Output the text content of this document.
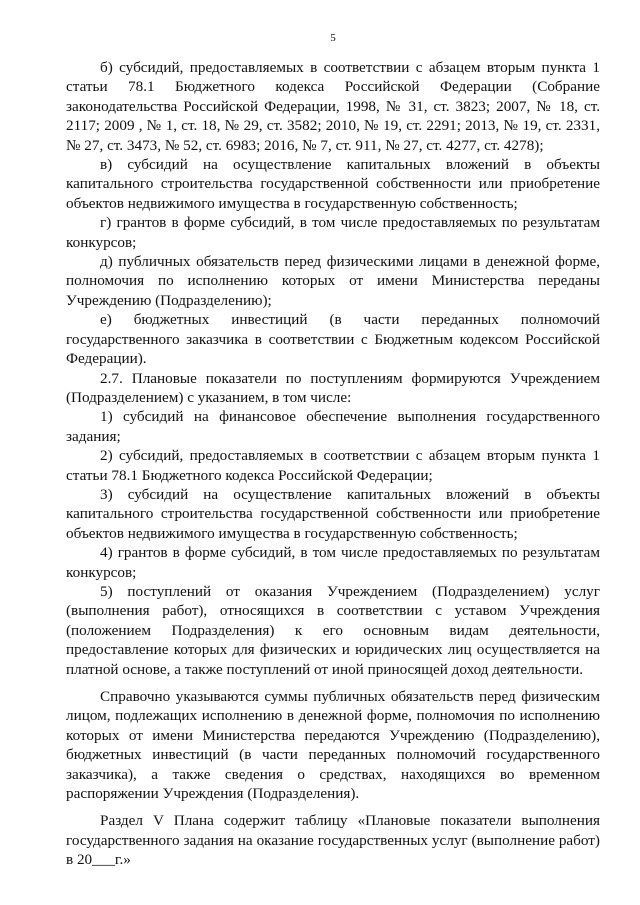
5

б) субсидий, предоставляемых в соответствии с абзацем вторым пункта 1 статьи 78.1 Бюджетного кодекса Российской Федерации (Собрание законодательства Российской Федерации, 1998, № 31, ст. 3823; 2007, № 18, ст. 2117; 2009 , № 1, ст. 18, № 29, ст. 3582; 2010, № 19, ст. 2291; 2013, № 19, ст. 2331, № 27, ст. 3473, № 52, ст. 6983; 2016, № 7, ст. 911, № 27, ст. 4277, ст. 4278);

в) субсидий на осуществление капитальных вложений в объекты капитального строительства государственной собственности или приобретение объектов недвижимого имущества в государственную собственность;

г) грантов в форме субсидий, в том числе предоставляемых по результатам конкурсов;

д) публичных обязательств перед физическими лицами в денежной форме, полномочия по исполнению которых от имени Министерства переданы Учреждению (Подразделению);

е) бюджетных инвестиций (в части переданных полномочий государственного заказчика в соответствии с Бюджетным кодексом Российской Федерации).

2.7. Плановые показатели по поступлениям формируются Учреждением (Подразделением) с указанием, в том числе:

1) субсидий на финансовое обеспечение выполнения государственного задания;

2) субсидий, предоставляемых в соответствии с абзацем вторым пункта 1 статьи 78.1 Бюджетного кодекса Российской Федерации;

3) субсидий на осуществление капитальных вложений в объекты капитального строительства государственной собственности или приобретение объектов недвижимого имущества в государственную собственность;

4) грантов в форме субсидий, в том числе предоставляемых по результатам конкурсов;

5) поступлений от оказания Учреждением (Подразделением) услуг (выполнения работ), относящихся в соответствии с уставом Учреждения (положением Подразделения) к его основным видам деятельности, предоставление которых для физических и юридических лиц осуществляется на платной основе, а также поступлений от иной приносящей доход деятельности.

Справочно указываются суммы публичных обязательств перед физическим лицом, подлежащих исполнению в денежной форме, полномочия по исполнению которых от имени Министерства передаются Учреждению (Подразделению), бюджетных инвестиций (в части переданных полномочий государственного заказчика), а также сведения о средствах, находящихся во временном распоряжении Учреждения (Подразделения).

Раздел V Плана содержит таблицу «Плановые показатели выполнения государственного задания на оказание государственных услуг (выполнение работ) в 20___г.»
